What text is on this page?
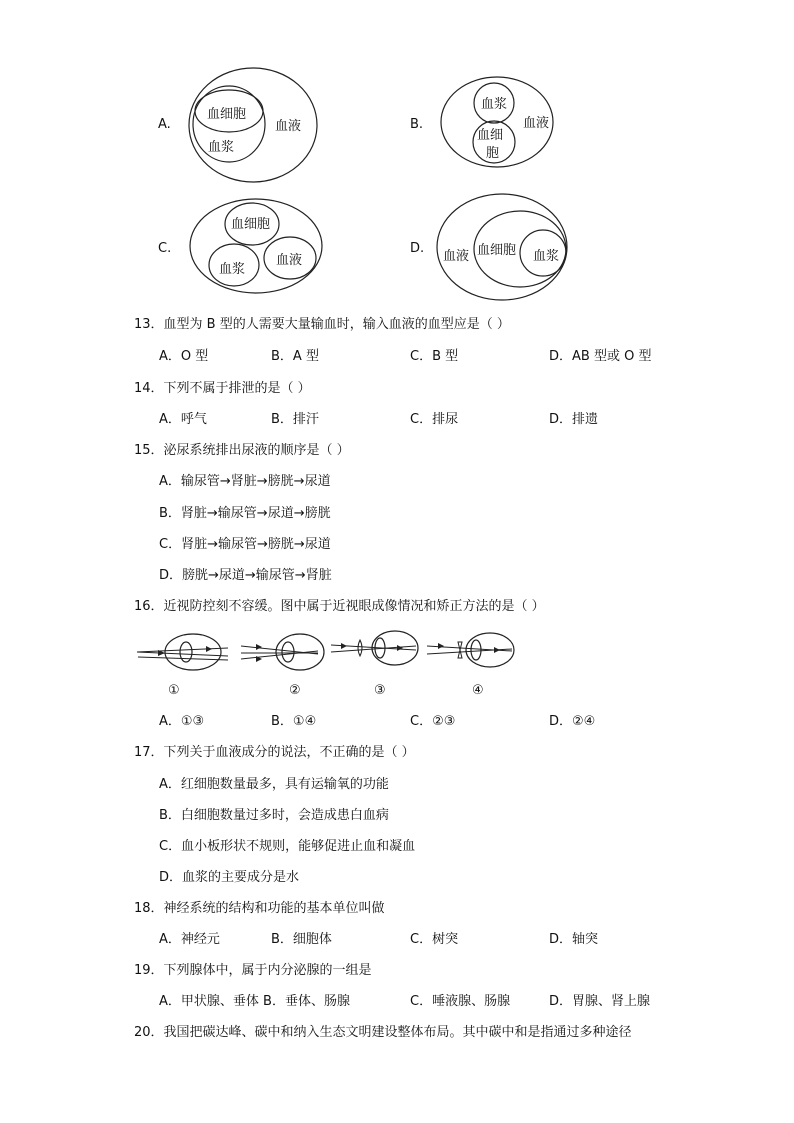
A.
血细胞
血浆
血液	B.
血浆
血细
胞
血液
C.
血细胞
血浆
血液
D.
血液 血细胞 血浆
13．血型为 B 型的人需要大量输血时，输入血液的血型应是（ ）
A．O 型	B．A 型	C．B 型	D．AB 型或 O 型
14．下列不属于排泄的是（ ）
A．呼气	B．排汗	C．排尿	D．排遗
15．泌尿系统排出尿液的顺序是（ ）
A．输尿管→肾脏→膀胱→尿道
B．肾脏→输尿管→尿道→膀胱
C．肾脏→输尿管→膀胱→尿道
D．膀胱→尿道→输尿管→肾脏
16．近视防控刻不容缓。图中属于近视眼成像情况和矫正方法的是（ ）
①	②	③	④
A．①③	B．①④	C．②③	D．②④
17．下列关于血液成分的说法，不正确的是（ ）
A．红细胞数量最多，具有运输氧的功能
B．白细胞数量过多时，会造成患白血病
C．血小板形状不规则，能够促进止血和凝血
D．血浆的主要成分是水
18．神经系统的结构和功能的基本单位叫做
A．神经元	B．细胞体	C．树突	D．轴突
19．下列腺体中，属于内分泌腺的一组是
A．甲状腺、垂体 B．垂体、肠腺	C．唾液腺、肠腺	D．胃腺、肾上腺
20．我国把碳达峰、碳中和纳入生态文明建设整体布局。其中碳中和是指通过多种途径
